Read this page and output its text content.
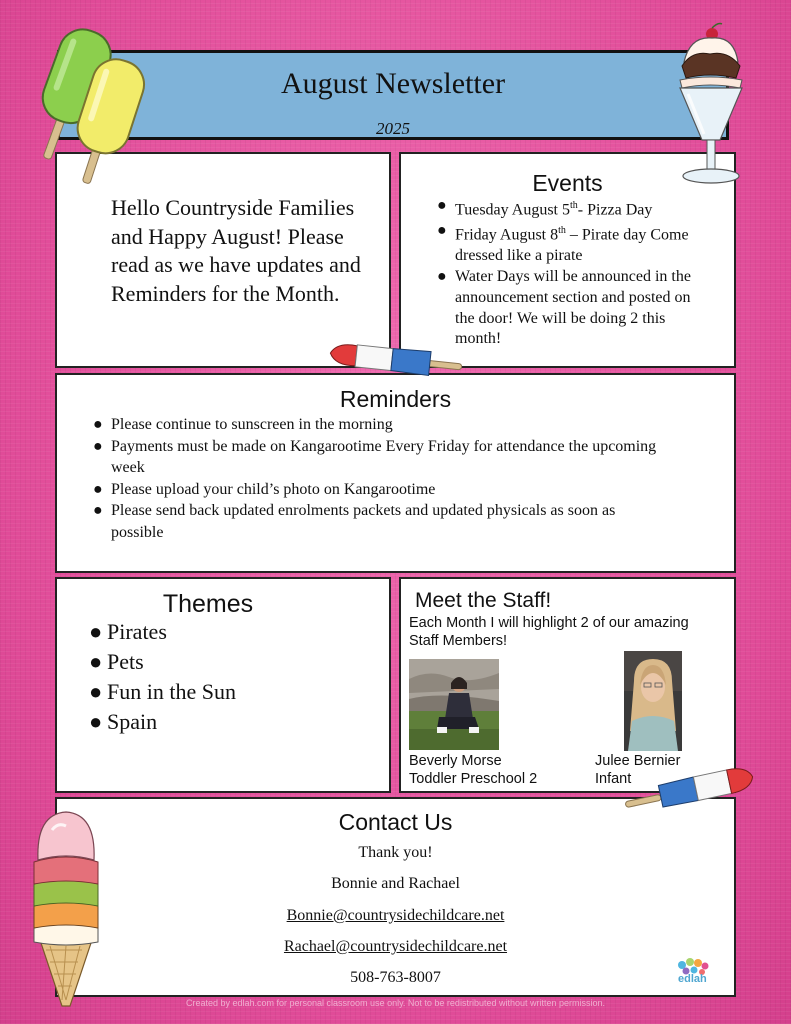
August Newsletter
2025
Hello Countryside Families and Happy August! Please read as we have updates and Reminders for the Month.
Events
● Tuesday August 5th- Pizza Day
● Friday August 8th – Pirate day Come dressed like a pirate
● Water Days will be announced in the announcement section and posted on the door! We will be doing 2 this month!
Reminders
● Please continue to sunscreen in the morning
● Payments must be made on Kangarootime Every Friday for attendance the upcoming week
● Please upload your child’s photo on Kangarootime
● Please send back updated enrolments packets and updated physicals as soon as possible
Themes
● Pirates
● Pets
● Fun in the Sun
● Spain
Meet the Staff!
Each Month I will highlight 2 of our amazing Staff Members!
Beverly Morse
Toddler Preschool 2
Julee Bernier
Infant
Contact Us
Thank you!
Bonnie and Rachael
Bonnie@countrysidechildcare.net
Rachael@countrysidechildcare.net
508-763-8007	edlah
Created by edlah.com for personal classroom use only. Not to be redistributed without written permission.
